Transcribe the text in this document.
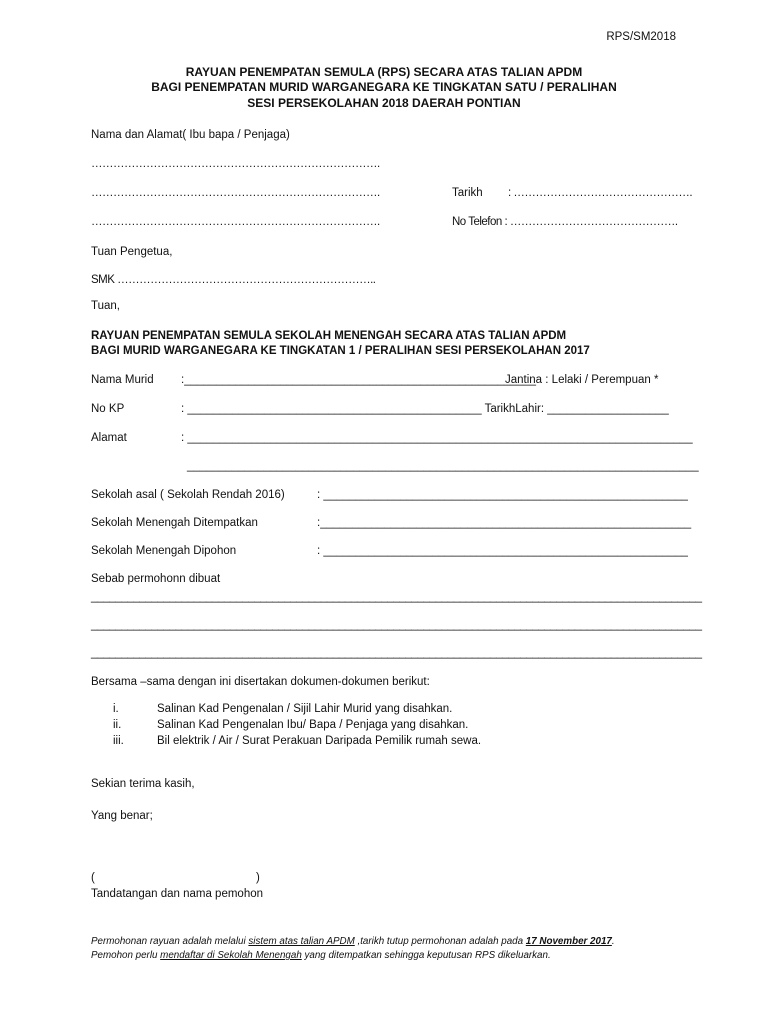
RPS/SM2018
RAYUAN PENEMPATAN SEMULA (RPS) SECARA ATAS TALIAN APDM
BAGI PENEMPATAN MURID WARGANEGARA KE TINGKATAN SATU / PERALIHAN
SESI PERSEKOLAHAN 2018 DAERAH PONTIAN
Nama dan Alamat( Ibu bapa / Penjaga)
…………………………………………………………………….
…………………………………………………………………….
…………………………………………………………………….
Tarikh : ………………………………………….
No Telefon : ……………………………………….
Tuan Pengetua,
SMK ……………………………………………………………..
Tuan,
RAYUAN PENEMPATAN SEMULA SEKOLAH MENENGAH SECARA ATAS TALIAN APDM
BAGI MURID WARGANEGARA KE TINGKATAN 1 / PERALIHAN SESI PERSEKOLAHAN 2017
Nama Murid :_______________________________________________________
Jantina : Lelaki / Perempuan *
No KP	: ______________________________________________ TarikhLahir: ___________________
Alamat	: _______________________________________________________________________________
________________________________________________________________________________
Sekolah asal ( Sekolah Rendah 2016)	: _________________________________________________________
Sekolah Menengah Ditempatkan	:__________________________________________________________
Sekolah Menengah Dipohon	: _________________________________________________________
Sebab permohonn dibuat
_____________________________________________________________________________________________________
_____________________________________________________________________________________________________
_____________________________________________________________________________________________________
Bersama –sama dengan ini disertakan dokumen-dokumen berikut:
i.	Salinan Kad Pengenalan / Sijil Lahir Murid yang disahkan.
ii.	Salinan Kad Pengenalan Ibu/ Bapa / Penjaga yang disahkan.
iii.	Bil elektrik / Air / Surat Perakuan Daripada Pemilik rumah sewa.
Sekian terima kasih,
Yang benar;
(	)
Tandatangan dan nama pemohon
Permohonan rayuan adalah melalui sistem atas talian APDM ,tarikh tutup permohonan adalah pada 17 November 2017.
Pemohon perlu mendaftar di Sekolah Menengah yang ditempatkan sehingga keputusan RPS dikeluarkan.
